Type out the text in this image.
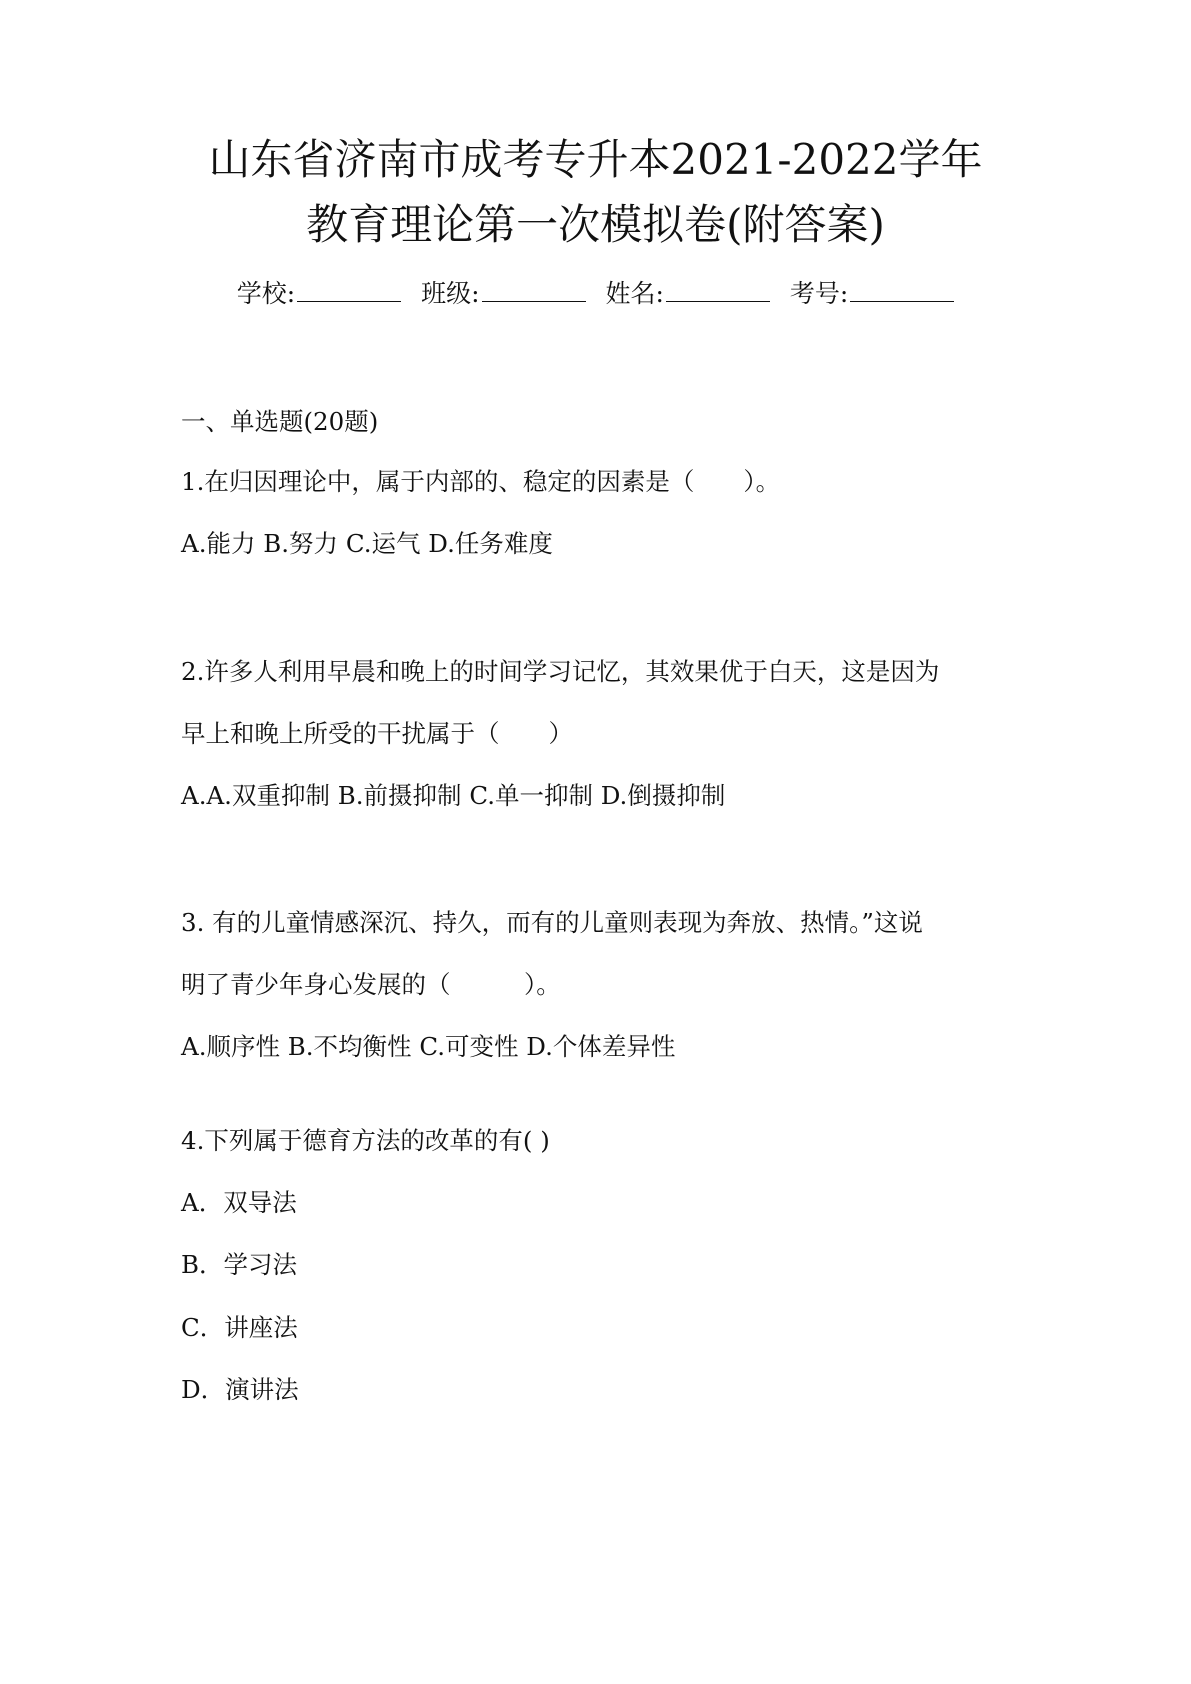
山东省济南市成考专升本2021-2022学年
教育理论第一次模拟卷(附答案)
学校:	班级:	姓名:	考号:
一、单选题(20题)
1.在归因理论中，属于内部的、稳定的因素是（　　）。
A.能力 B.努力 C.运气 D.任务难度
2.许多人利用早晨和晚上的时间学习记忆，其效果优于白天，这是因为
早上和晚上所受的干扰属于（　　）
A.A.双重抑制 B.前摄抑制 C.单一抑制 D.倒摄抑制
3. 有的儿童情感深沉、持久，而有的儿童则表现为奔放、热情。”这说
明了青少年身心发展的（　　　）。
A.顺序性 B.不均衡性 C.可变性 D.个体差异性
4.下列属于德育方法的改革的有( )
A．双导法
B．学习法
C．讲座法
D．演讲法
